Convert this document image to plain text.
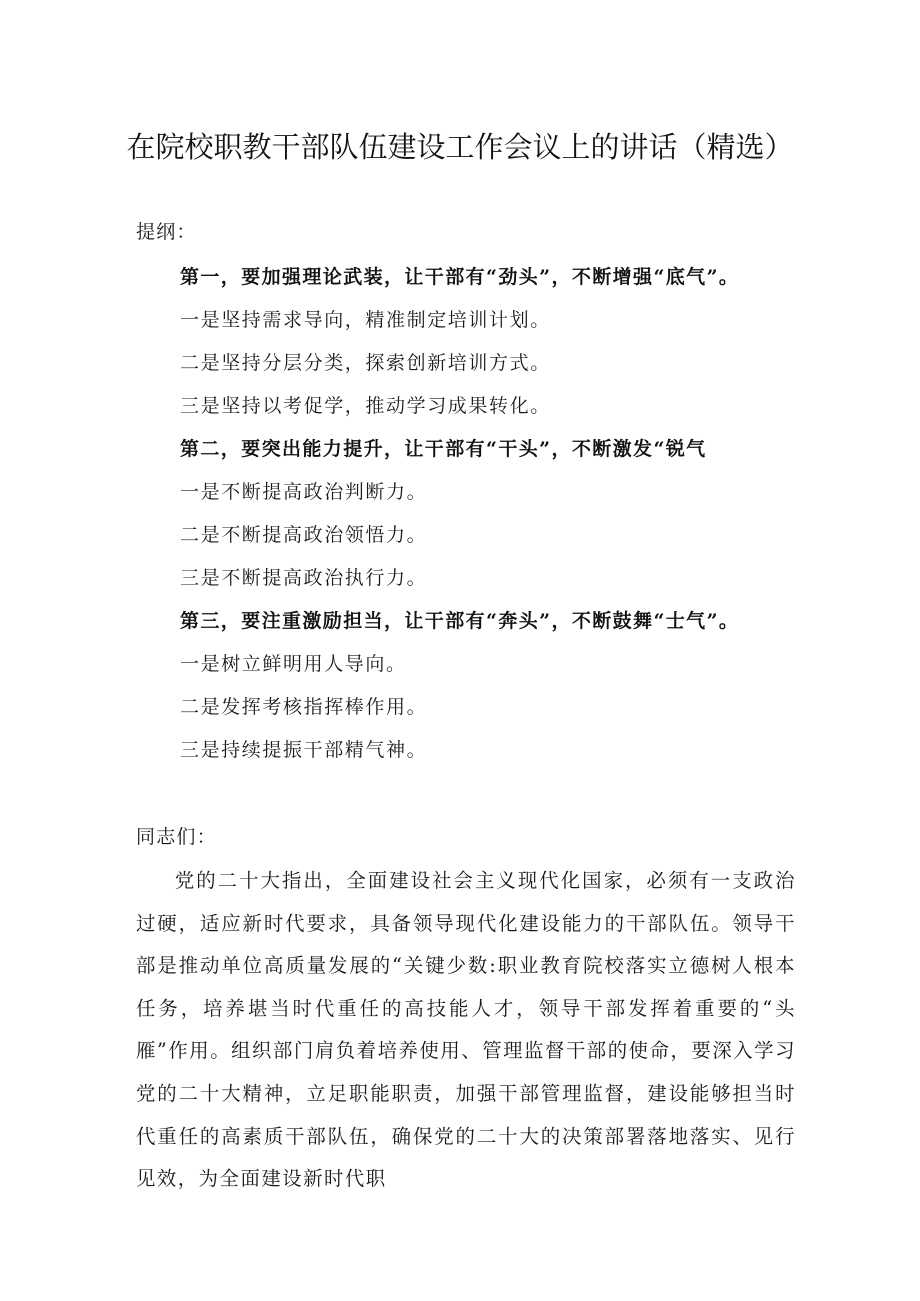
在院校职教干部队伍建设工作会议上的讲话（精选）
提纲：
第一，要加强理论武装，让干部有“劲头”，不断增强“底气”。
一是坚持需求导向，精准制定培训计划。
二是坚持分层分类，探索创新培训方式。
三是坚持以考促学，推动学习成果转化。
第二，要突出能力提升，让干部有“干头”，不断激发“锐气
一是不断提高政治判断力。
二是不断提高政治领悟力。
三是不断提高政治执行力。
第三，要注重激励担当，让干部有“奔头”，不断鼓舞“士气”。
一是树立鲜明用人导向。
二是发挥考核指挥棒作用。
三是持续提振干部精气神。
同志们：

党的二十大指出，全面建设社会主义现代化国家，必须有一支政治过硬，适应新时代要求，具备领导现代化建设能力的干部队伍。领导干部是推动单位高质量发展的“关键少数:职业教育院校落实立德树人根本任务，培养堪当时代重任的高技能人才，领导干部发挥着重要的“头雁”作用。组织部门肩负着培养使用、管理监督干部的使命，要深入学习党的二十大精神，立足职能职责，加强干部管理监督，建设能够担当时代重任的高素质干部队伍，确保党的二十大的决策部署落地落实、见行见效，为全面建设新时代职
